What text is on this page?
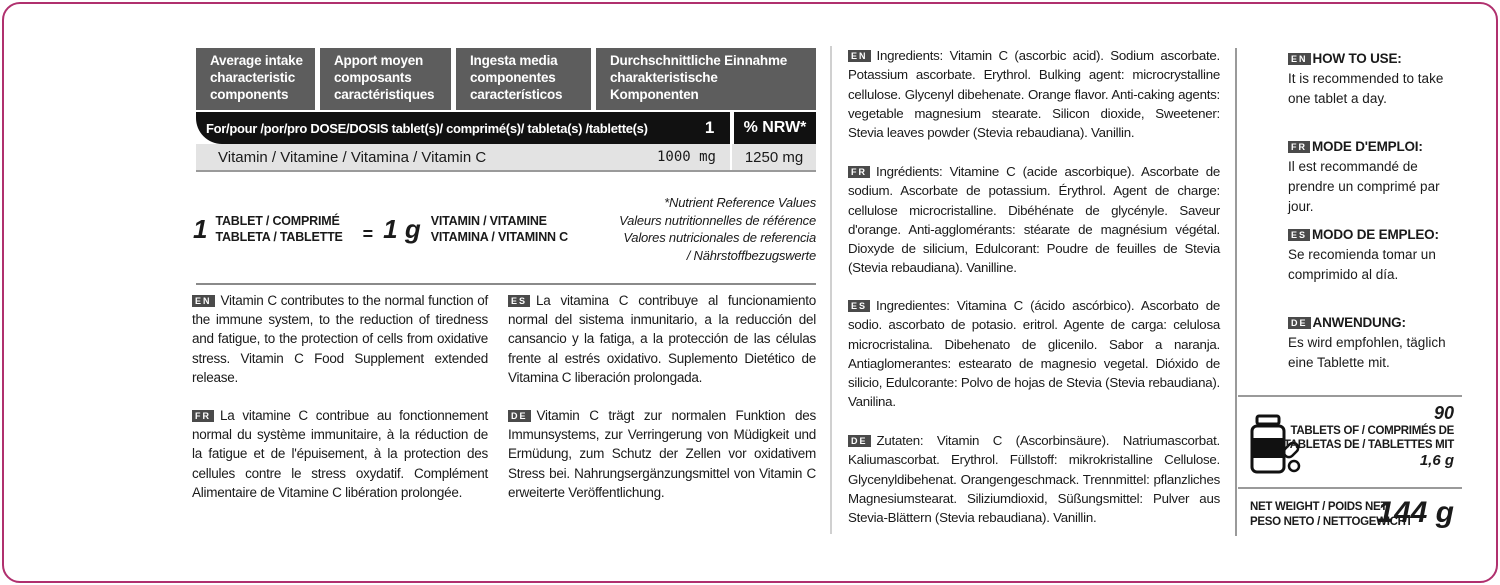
Average intake characteristic components
Apport moyen composants caractéristiques
Ingesta media componentes característicos
Durchschnittliche Einnahme charakteristische Komponenten
For/pour /por/pro DOSE/DOSIS tablet(s)/ comprimé(s)/ tableta(s) /tablette(s)	1	% NRW*
Vitamin / Vitamine / Vitamina / Vitamin C	1000 mg	1250 mg
1 TABLET / COMPRIMÉ
TABLETA / TABLETTE = 1 g VITAMIN / VITAMINE
VITAMINA / VITAMINN C
*Nutrient Reference Values
Valeurs nutritionnelles de référence
Valores nutricionales de referencia
/ Nährstoffbezugswerte
EN Vitamin C contributes to the normal function of the immune system, to the reduction of tiredness and fatigue, to the protection of cells from oxidative stress. Vitamin C Food Supplement extended release.
ES La vitamina C contribuye al funcionamiento normal del sistema inmunitario, a la reducción del cansancio y la fatiga, a la protección de las células frente al estrés oxidativo. Suplemento Dietético de Vitamina C liberación prolongada.
FR La vitamine C contribue au fonctionnement normal du système immunitaire, à la réduction de la fatigue et de l'épuisement, à la protection des cellules contre le stress oxydatif. Complément Alimentaire de Vitamine C libération prolongée.
DE Vitamin C trägt zur normalen Funktion des Immunsystems, zur Verringerung von Müdigkeit und Ermüdung, zum Schutz der Zellen vor oxidativem Stress bei. Nahrungsergänzungsmittel von Vitamin C erweiterte Veröffentlichung.
EN Ingredients: Vitamin C (ascorbic acid). Sodium ascorbate. Potassium ascorbate. Erythrol. Bulking agent: microcrystalline cellulose. Glycenyl dibehenate. Orange flavor. Anti-caking agents: vegetable magnesium stearate. Silicon dioxide, Sweetener: Stevia leaves powder (Stevia rebaudiana). Vanillin.
FR Ingrédients: Vitamine C (acide ascorbique). Ascorbate de sodium. Ascorbate de potassium. Érythrol. Agent de charge: cellulose microcristalline. Dibéhénate de glycényle. Saveur d'orange. Anti-agglomérants: stéarate de magnésium végétal. Dioxyde de silicium, Edulcorant: Poudre de feuilles de Stevia (Stevia rebaudiana). Vanilline.
ES Ingredientes: Vitamina C (ácido ascórbico). Ascorbato de sodio. ascorbato de potasio. eritrol. Agente de carga: celulosa microcristalina. Dibehenato de glicenilo. Sabor a naranja. Antiaglomerantes: estearato de magnesio vegetal. Dióxido de silicio, Edulcorante: Polvo de hojas de Stevia (Stevia rebaudiana). Vanilina.
DE Zutaten: Vitamin C (Ascorbinsäure). Natriumascorbat. Kaliumascorbat. Erythrol. Füllstoff: mikrokristalline Cellulose. Glycenyldibehenat. Orangengeschmack. Trennmittel: pflanzliches Magnesiumstearat. Siliziumdioxid, Süßungsmittel: Pulver aus Stevia-Blättern (Stevia rebaudiana). Vanillin.
EN HOW TO USE:
It is recommended to take one tablet a day.
FR MODE D'EMPLOI:
Il est recommandé de prendre un comprimé par jour.
ES MODO DE EMPLEO:
Se recomienda tomar un comprimido al día.
DE ANWENDUNG:
Es wird empfohlen, täglich eine Tablette mit.
90
TABLETS OF / COMPRIMÉS DE
TABLETAS DE / TABLETTES MIT
1,6 g
NET WEIGHT / POIDS NET
PESO NETO / NETTOGEWICHT
144 g
